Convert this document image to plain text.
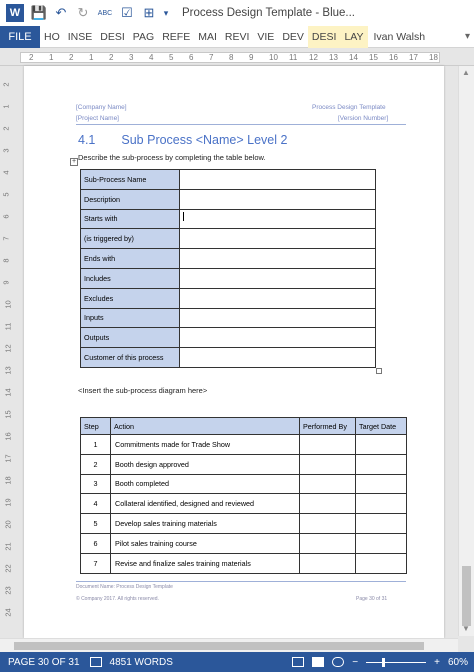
W 💾 ↶ ↻	ABC ☑ ⊞	▾	Process Design Template - Blue...
FILE	HO INSE DESI PAG REFE MAI REVI VIE DEV DESI LAY Ivan Walsh	▾
2 1 2 1 2 3 4 5 6 7 8 9 10 11 12 13 14 15 16 17 18
2
1
2
3
4
5
6
7
8
9
10
11
12
13
14
15
16
17
18
19
20
21
22
23
24
[Company Name]
[Project Name]
Process Design Template
[Version Number]
4.1 Sub Process <Name> Level 2
Describe the sub-process by completing the table below.
+
Sub-Process Name	
Description	
Starts with	
(is triggered by)	
Ends with	
Includes	
Excludes	
Inputs	
Outputs	
Customer of this process	
<Insert the sub-process diagram here>
Step	Action	Performed By	Target Date
1	Commitments made for Trade Show		
2	Booth design approved		
3	Booth completed		
4	Collateral identified, designed and reviewed		
5	Develop sales training materials		
6	Pilot sales training course		
7	Revise and finalize sales training materials		
Document Name: Process Design Template
© Company 2017. All rights reserved.	Page 30 of 31
▲
▼
PAGE 30 OF 31	4851 WORDS	−	+ 60%
